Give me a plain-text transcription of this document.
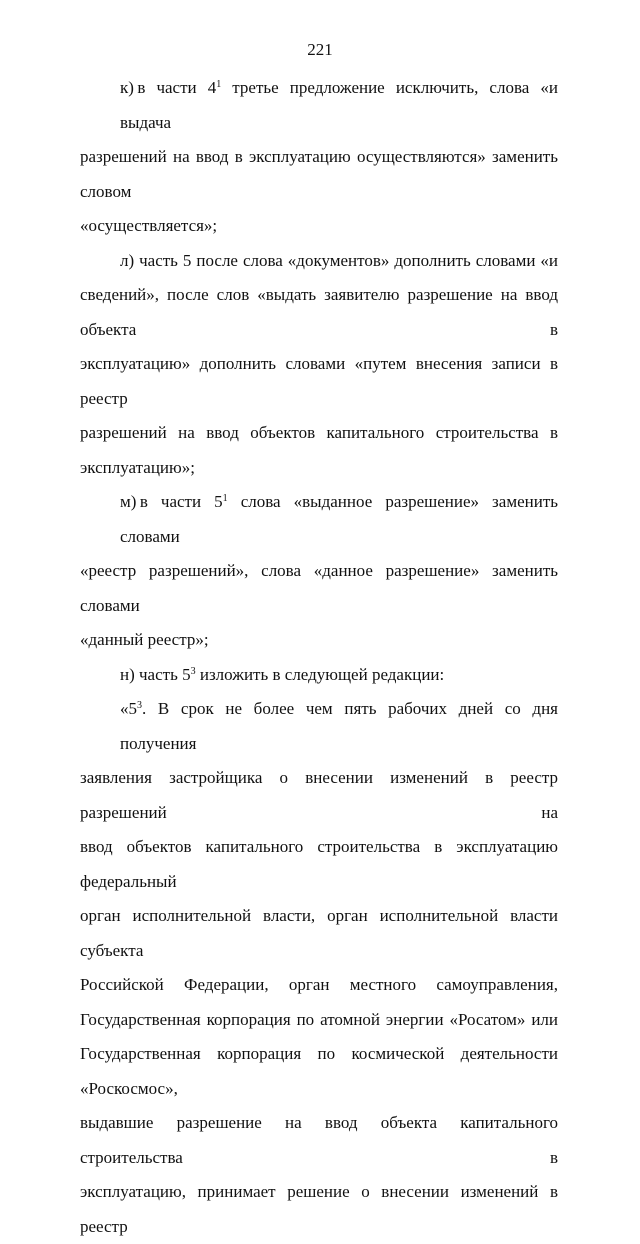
221
к) в части $4^1$ третье предложение исключить, слова «и выдача
разрешений на ввод в эксплуатацию осуществляются» заменить словом
«осуществляется»;
л) часть 5 после слова «документов» дополнить словами «и
сведений», после слов «выдать заявителю разрешение на ввод объекта в
эксплуатацию» дополнить словами «путем внесения записи в реестр
разрешений на ввод объектов капитального строительства в
эксплуатацию»;
м) в части $5^1$ слова «выданное разрешение» заменить словами
«реестр разрешений», слова «данное разрешение» заменить словами
«данный реестр»;
н) часть $5^3$ изложить в следующей редакции:
«$5^3$. В срок не более чем пять рабочих дней со дня получения
заявления застройщика о внесении изменений в реестр разрешений на
ввод объектов капитального строительства в эксплуатацию федеральный
орган исполнительной власти, орган исполнительной власти субъекта
Российской Федерации, орган местного самоуправления,
Государственная корпорация по атомной энергии «Росатом» или
Государственная корпорация по космической деятельности «Роскосмос»,
выдавшие разрешение на ввод объекта капитального строительства в
эксплуатацию, принимает решение о внесении изменений в реестр
